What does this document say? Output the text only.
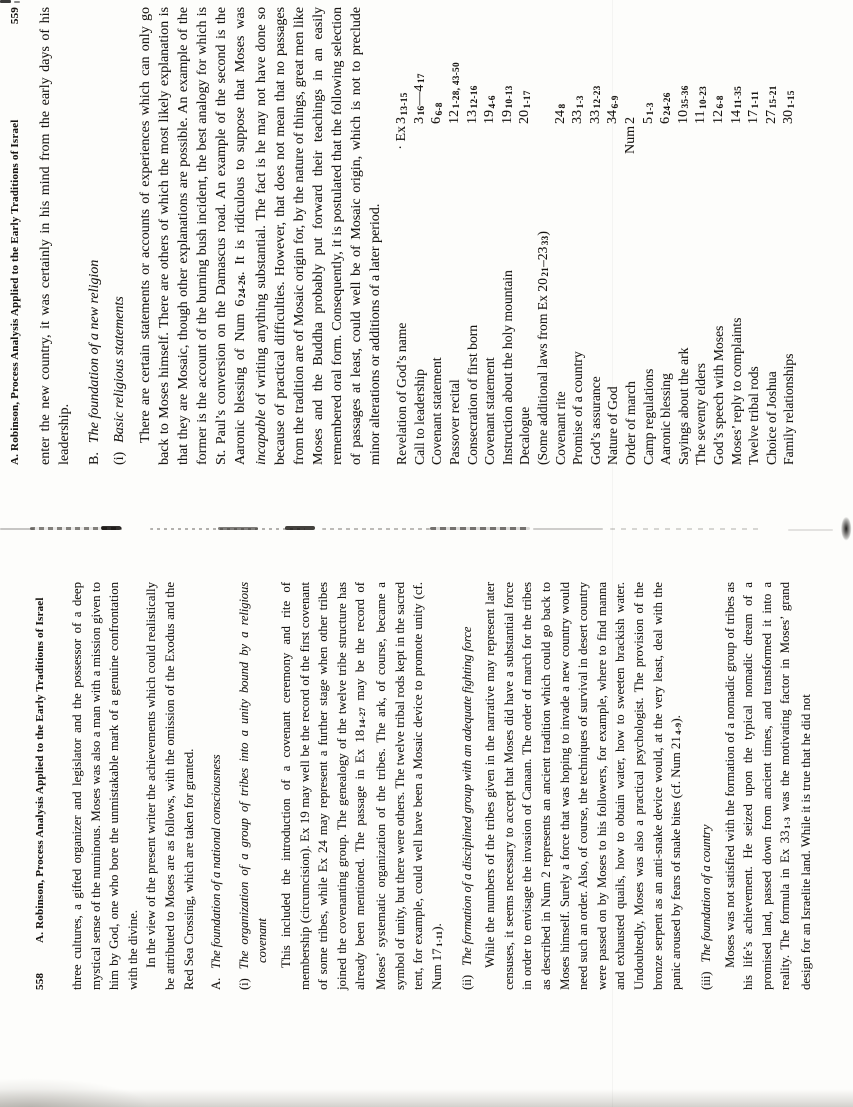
558
A. Robinson, Process Analysis Applied to the Early Traditions of Israel three cultures, a gifted organizer and legislator and the possessor of a deep mystical sense of the numinous. Moses was also a man with a mission given to him by God, one who bore the unmistakable mark of a genuine confrontation with the divine. In the view of the present writer the achievements which could realistically be attributed to Moses are as follows, with the omission of the Exodus and the Red Sea Crossing, which are taken for granted. A.The foundation of a national consciousness

(i)The organization of a group of tribes into a unity bound by a religious covenant This included the introduction of a covenant ceremony and rite of membership (circumcision). Ex 19 may well be the record of the first covenant of some tribes, while Ex 24 may represent a further stage when other tribes joined the covenanting group. The genealogy of the twelve tribe structure has already been mentioned. The passage in Ex 1814-27 may be the record of Moses’ systematic organization of the tribes. The ark, of course, became a symbol of unity, but there were others. The twelve tribal rods kept in the sacred tent, for example, could well have been a Mosaic device to promote unity (cf. Num 171-11).

(ii)The formation of a disciplined group with an adequate fighting force While the numbers of the tribes given in the narrative may represent later censuses, it seems necessary to accept that Moses did have a substantial force in order to envisage the invasion of Canaan. The order of march for the tribes as described in Num 2 represents an ancient tradition which could go back to Moses himself. Surely a force that was hoping to invade a new country would need such an order. Also, of course, the techniques of survival in desert country were passed on by Moses to his followers, for example, where to find manna and exhausted quails, how to obtain water, how to sweeten brackish water. Undoubtedly, Moses was also a practical psychologist. The provision of the bronze serpent as an anti-snake device would, at the very least, deal with the panic aroused by fears of snake bites (cf. Num 214-9).

(iii)The foundation of a country Moses was not satisfied with the formation of a nomadic group of tribes as his life’s achievement. He seized upon the typical nomadic dream of a promised land, passed down from ancient times, and transformed it into a reality. The formula in Ex 331-3 was the motivating factor in Moses’ grand design for an Israelite land. While it is true that he did not

A. Robinson, Process Analysis Applied to the Early Traditions of Israel
559 enter the new country, it was certainly in his mind from the early days of his leadership. B.The foundation of a new religion

(i)Basic religious statements There are certain statements or accounts of experiences which can only go back to Moses himself. There are others of which the most likely explanation is that they are Mosaic, though other explanations are possible. An example of the former is the account of the burning bush incident, the best analogy for which is St. Paul’s conversion on the Damascus road. An example of the second is the Aaronic blessing of Num 624-26. It is ridiculous to suppose that Moses was incapable of writing anything substantial. The fact is he may not have done so because of practical difficulties. However, that does not mean that no passages from the tradition are of Mosaic origin for, by the nature of things, great men like Moses and the Buddha probably put forward their teachings in an easily remembered oral form. Consequently, it is postulated that the following selection of passages at least, could well be of Mosaic origin, which is not to preclude minor alterations or additions of a later period. Revelation of God’s name
· Ex313-15
Call to leadership
316—417
Covenant statement
66-8
Passover recital
121-28, 43-50
Consecration of first born
1312-16
Covenant statement
194-6
Instruction about the holy mountain
1910-13
Decalogue
201-17
(Some additional laws from Ex 2021–2333)
Covenant rite
248
Promise of a country
331-3
God’s assurance
3312-23
Nature of God
346-9
Order of march
Num2
Camp regulations
51-3
Aaronic blessing
624-26
Sayings about the ark
1035-36
The seventy elders
1110-23
God’s speech with Moses
126-8
Moses’ reply to complaints
1411-35
Twelve tribal rods
171-11
Choice of Joshua
2715-21
Family relationships
301-15
